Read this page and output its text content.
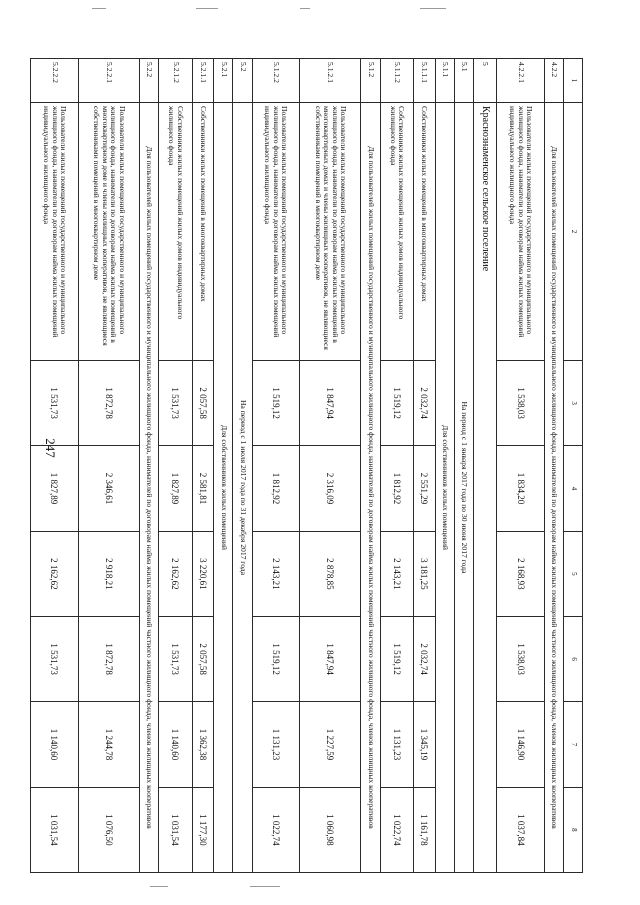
247
1	2	3	4	5	6	7	8
4.2.2	Для пользователей жилых помещений государственного и муниципального жилищного фонда, нанимателей по договорам найма жилых помещений частного жилищного фонда, членов жилищных кооперативов						
4.2.2.1	Пользователи жилых помещений государственного и муниципального жилищного фонда, наниматели по договорам найма жилых помещений индивидуального жилищного фонда	1 538,03	1 834,20	2 168,93	1 538,03	1 146,90	1 037,84
5	Краснознаменское сельское поселение						
5.1	На период с 1 января 2017 года по 30 июня 2017 года						
5.1.1	Для собственников жилых помещений						
5.1.1.1	Собственники жилых помещений в многоквартирных домах	2 032,74	2 551,29	3 181,25	2 032,74	1 345,19	1 161,78
5.1.1.2	Собственники жилых помещений жилых домов индивидуального жилищного фонда	1 519,12	1 812,92	2 143,21	1 519,12	1 131,23	1 022,74
5.1.2	Для пользователей жилых помещений государственного и муниципального жилищного фонда, нанимателей по договорам найма жилых помещений частного жилищного фонда, членов жилищных кооперативов						
5.1.2.1	Пользователи жилых помещений государственного и муниципального жилищного фонда, наниматели по договорам найма жилых помещений в многоквартирных домах и члены жилищных кооперативов, не являющиеся собственниками помещений в многоквартирном доме	1 847,94	2 316,09	2 878,85	1 847,94	1 227,59	1 060,98
5.1.2.2	Пользователи жилых помещений государственного и муниципального жилищного фонда, наниматели по договорам найма жилых помещений индивидуального жилищного фонда	1 519,12	1 812,92	2 143,21	1 519,12	1 131,23	1 022,74
5.2	На период с 1 июля 2017 года по 31 декабря 2017 года						
5.2.1	Для собственников жилых помещений						
5.2.1.1	Собственники жилых помещений в многоквартирных домах	2 057,58	2 581,81	3 220,61	2 057,58	1 362,38	1 177,30
5.2.1.2	Собственники жилых помещений жилых домов индивидуального жилищного фонда	1 531,73	1 827,89	2 162,62	1 531,73	1 140,60	1 031,54
5.2.2	Для пользователей жилых помещений государственного и муниципального жилищного фонда, нанимателей по договорам найма жилых помещений частного жилищного фонда, членов жилищных кооперативов						
5.2.2.1	Пользователи жилых помещений государственного и муниципального жилищного фонда, наниматели по договорам найма жилых помещений в многоквартирном доме и члены жилищных кооперативов, не являющиеся собственниками помещений в многоквартирном доме	1 872,78	2 346,61	2 918,21	1 872,78	1 244,78	1 076,50
5.2.2.2	Пользователи жилых помещений государственного и муниципального жилищного фонда, наниматели по договорам найма жилых помещений индивидуального жилищного фонда	1 531,73	1 827,89	2 162,62	1 531,73	1 140,60	1 031,54
